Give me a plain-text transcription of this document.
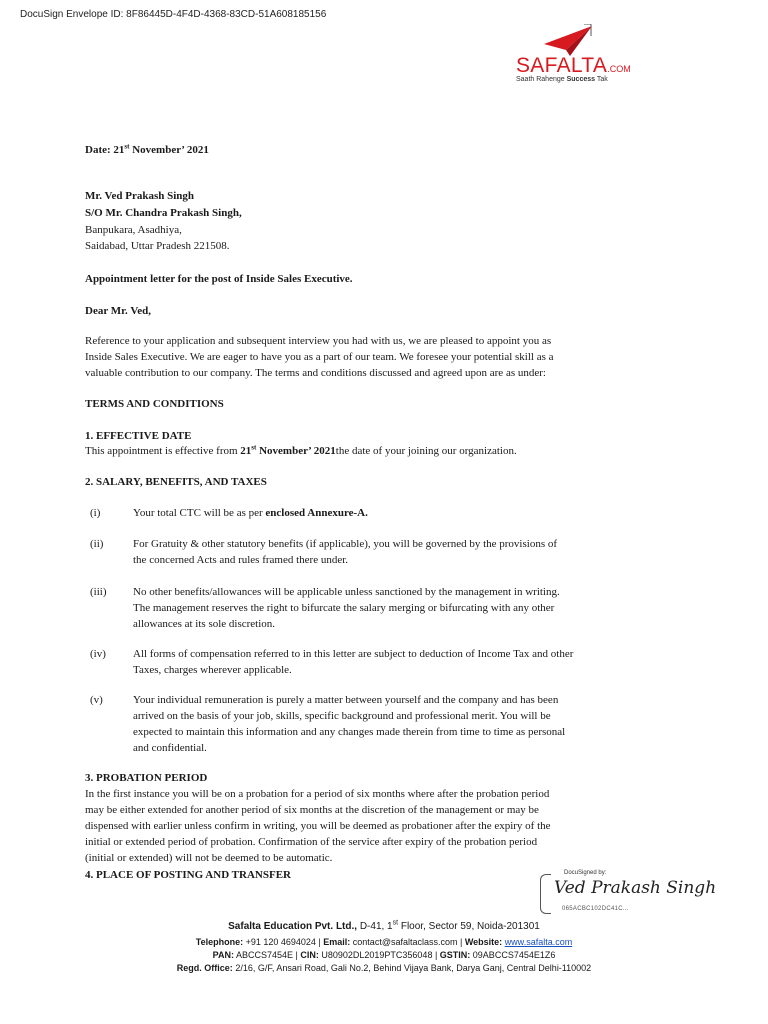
DocuSign Envelope ID: 8F86445D-4F4D-4368-83CD-51A608185156
SAFALTA.COM
Saath Rahenge Success Tak
Date: 21st November’ 2021
Mr. Ved Prakash Singh
S/O Mr. Chandra Prakash Singh,
Banpukara, Asadhiya,
Saidabad, Uttar Pradesh 221508.
Appointment letter for the post of Inside Sales Executive.
Dear Mr. Ved,
Reference to your application and subsequent interview you had with us, we are pleased to appoint you as
Inside Sales Executive. We are eager to have you as a part of our team. We foresee your potential skill as a
valuable contribution to our company. The terms and conditions discussed and agreed upon are as under:
TERMS AND CONDITIONS
1. EFFECTIVE DATE
This appointment is effective from 21st November’ 2021the date of your joining our organization.
2. SALARY, BENEFITS, AND TAXES
(i)	Your total CTC will be as per enclosed Annexure-A.
(ii)	For Gratuity & other statutory benefits (if applicable), you will be governed by the provisions of
the concerned Acts and rules framed there under.
(iii) No other benefits/allowances will be applicable unless sanctioned by the management in writing.
The management reserves the right to bifurcate the salary merging or bifurcating with any other
allowances at its sole discretion.
(iv) All forms of compensation referred to in this letter are subject to deduction of Income Tax and other
Taxes, charges wherever applicable.
(v)	Your individual remuneration is purely a matter between yourself and the company and has been
arrived on the basis of your job, skills, specific background and professional merit. You will be
expected to maintain this information and any changes made therein from time to time as personal
and confidential.
3. PROBATION PERIOD
In the first instance you will be on a probation for a period of six months where after the probation period
may be either extended for another period of six months at the discretion of the management or may be
dispensed with earlier unless confirm in writing, you will be deemed as probationer after the expiry of the
initial or extended period of probation. Confirmation of the service after expiry of the probation period
(initial or extended) will not be deemed to be automatic.
4. PLACE OF POSTING AND TRANSFER	DocuSigned by:
Ved Prakash Singh
065ACBC102DC41C...
Safalta Education Pvt. Ltd., D-41, 1st Floor, Sector 59, Noida-201301
Telephone: +91 120 4694024 | Email: contact@safaltaclass.com | Website: www.safalta.com
PAN: ABCCS7454E | CIN: U80902DL2019PTC356048 | GSTIN: 09ABCCS7454E1Z6
Regd. Office: 2/16, G/F, Ansari Road, Gali No.2, Behind Vijaya Bank, Darya Ganj, Central Delhi-110002
